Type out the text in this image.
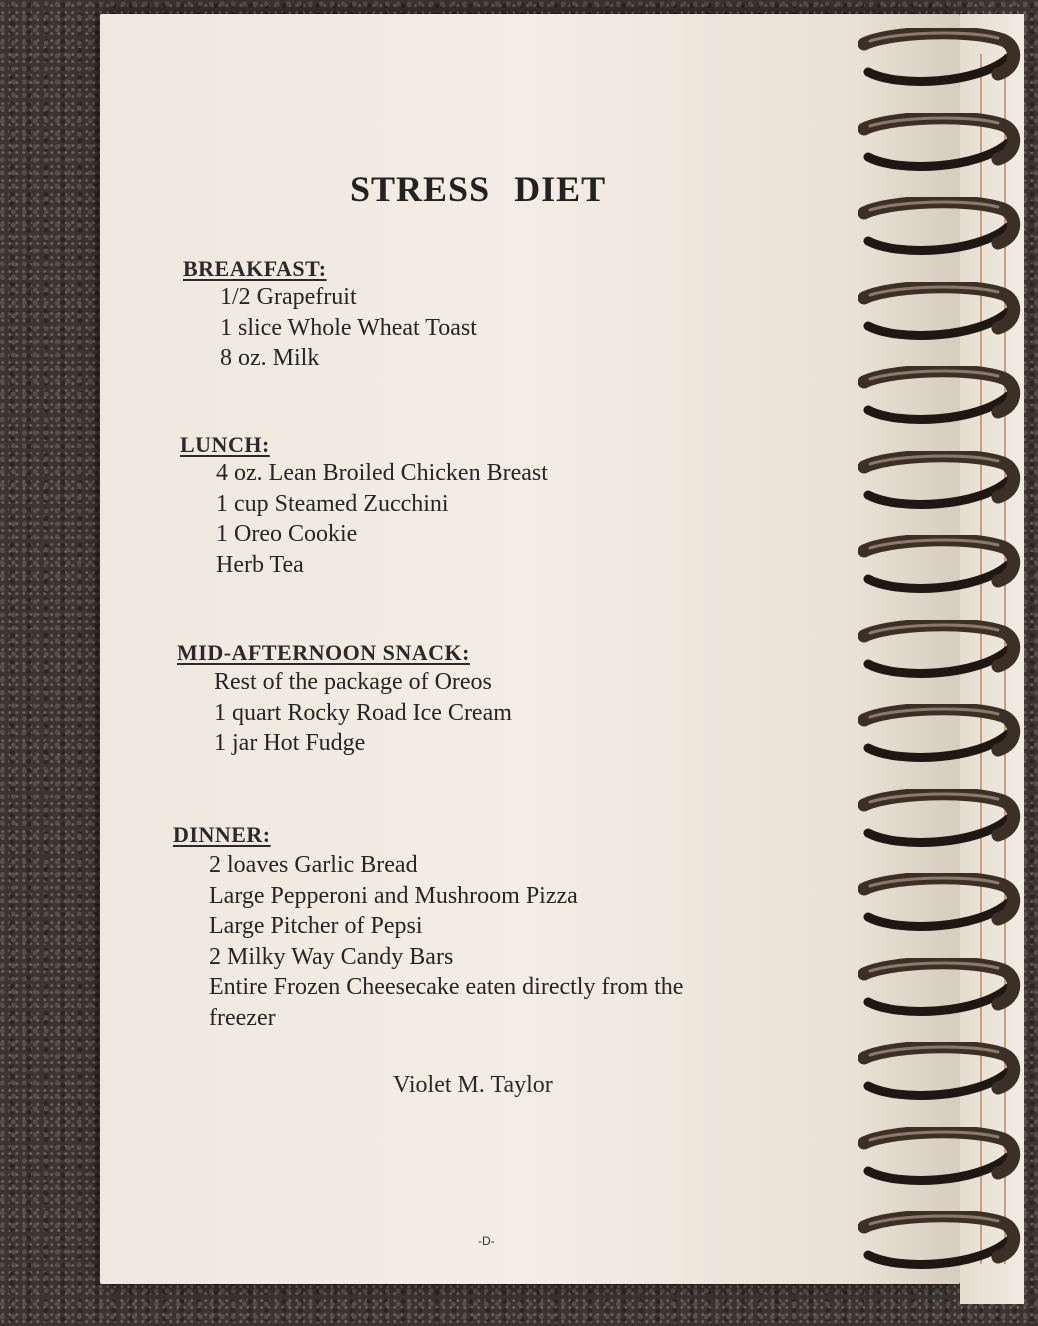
STRESS DIET
BREAKFAST:
1/2 Grapefruit
1 slice Whole Wheat Toast
8 oz. Milk
LUNCH:
4 oz. Lean Broiled Chicken Breast
1 cup Steamed Zucchini
1 Oreo Cookie
Herb Tea
MID-AFTERNOON SNACK:
Rest of the package of Oreos
1 quart Rocky Road Ice Cream
1 jar Hot Fudge
DINNER:
2 loaves Garlic Bread
Large Pepperoni and Mushroom Pizza
Large Pitcher of Pepsi
2 Milky Way Candy Bars
Entire Frozen Cheesecake eaten directly from the
freezer

Violet M. Taylor

-D-
